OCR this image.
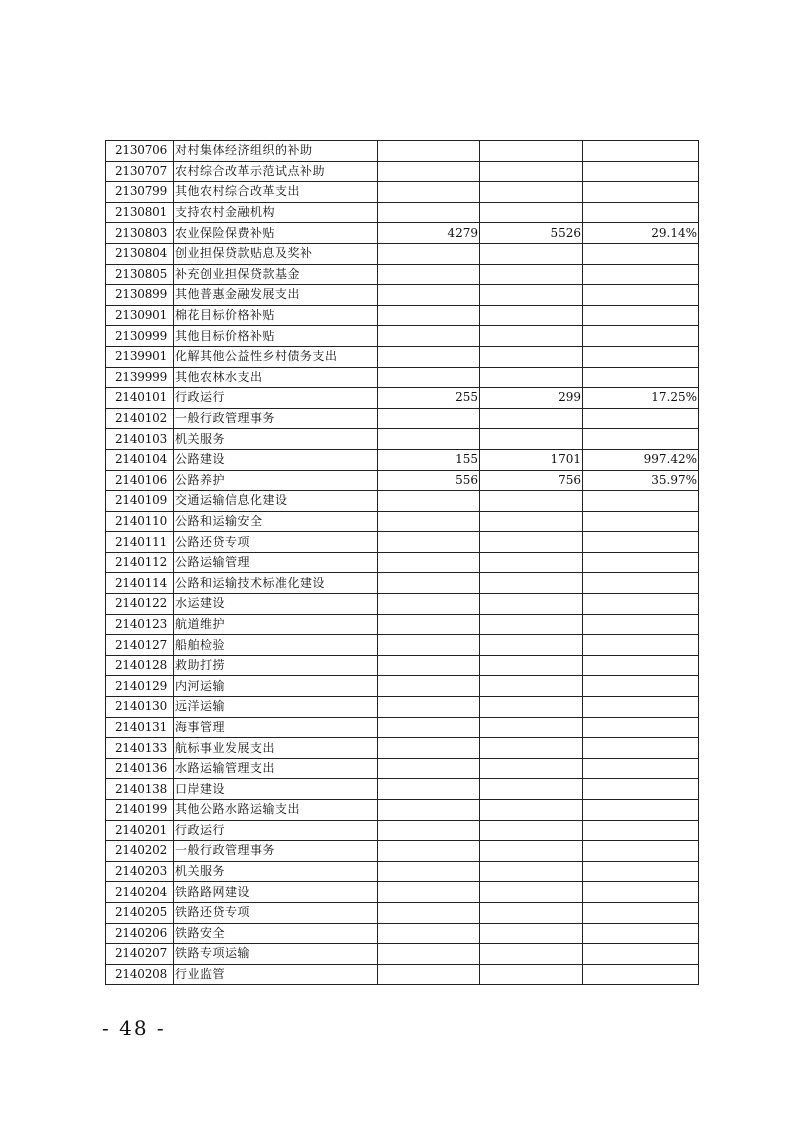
2130706	对村集体经济组织的补助			
2130707	农村综合改革示范试点补助			
2130799	其他农村综合改革支出			
2130801	支持农村金融机构			
2130803	农业保险保费补贴	4279	5526	29.14%
2130804	创业担保贷款贴息及奖补			
2130805	补充创业担保贷款基金			
2130899	其他普惠金融发展支出			
2130901	棉花目标价格补贴			
2130999	其他目标价格补贴			
2139901	化解其他公益性乡村债务支出			
2139999	其他农林水支出			
2140101	行政运行	255	299	17.25%
2140102	一般行政管理事务			
2140103	机关服务			
2140104	公路建设	155	1701	997.42%
2140106	公路养护	556	756	35.97%
2140109	交通运输信息化建设			
2140110	公路和运输安全			
2140111	公路还贷专项			
2140112	公路运输管理			
2140114	公路和运输技术标准化建设			
2140122	水运建设			
2140123	航道维护			
2140127	船舶检验			
2140128	救助打捞			
2140129	内河运输			
2140130	远洋运输			
2140131	海事管理			
2140133	航标事业发展支出			
2140136	水路运输管理支出			
2140138	口岸建设			
2140199	其他公路水路运输支出			
2140201	行政运行			
2140202	一般行政管理事务			
2140203	机关服务			
2140204	铁路路网建设			
2140205	铁路还贷专项			
2140206	铁路安全			
2140207	铁路专项运输			
2140208	行业监管			
- 48 -
